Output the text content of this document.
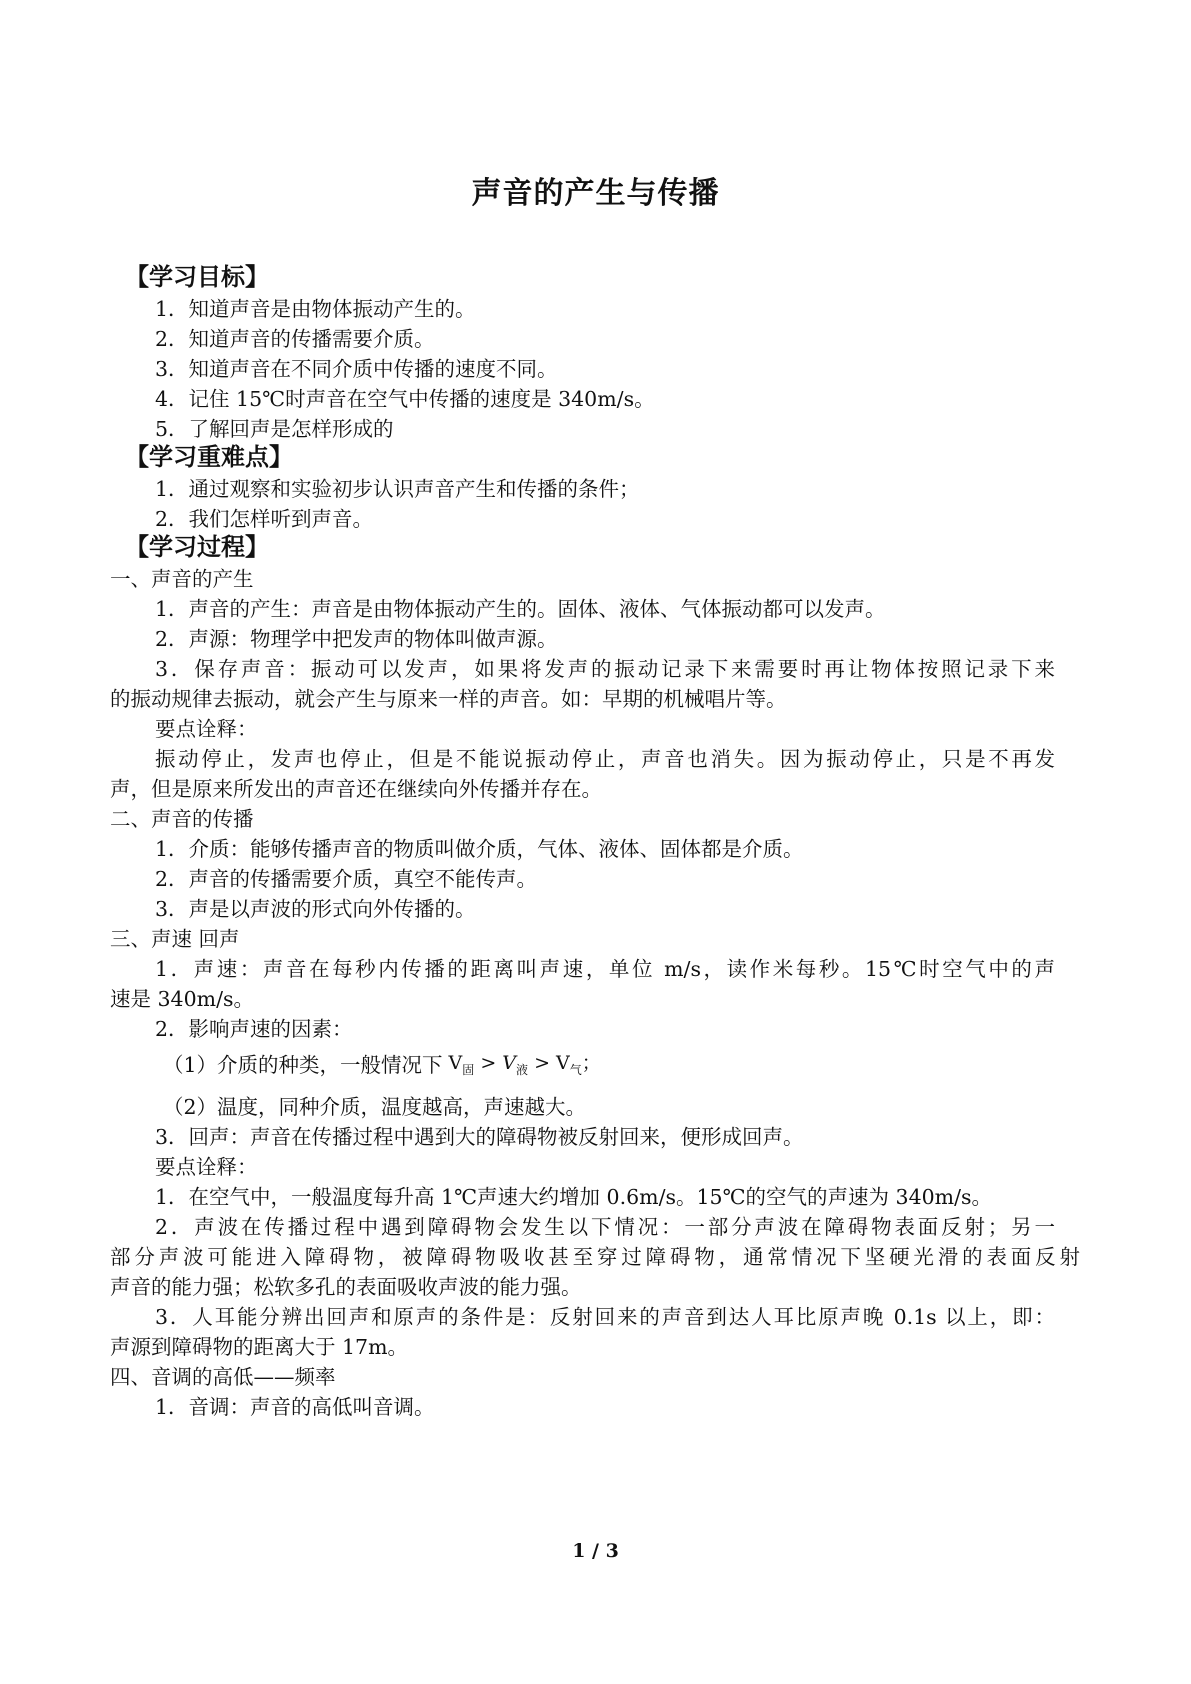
声音的产生与传播
【学习目标】
1．知道声音是由物体振动产生的。
2．知道声音的传播需要介质。
3．知道声音在不同介质中传播的速度不同。
4．记住 15℃时声音在空气中传播的速度是 340m/s。
5．了解回声是怎样形成的
【学习重难点】
1．通过观察和实验初步认识声音产生和传播的条件；
2．我们怎样听到声音。
【学习过程】
一、声音的产生
1．声音的产生：声音是由物体振动产生的。固体、液体、气体振动都可以发声。
2．声源：物理学中把发声的物体叫做声源。
3．保存声音：振动可以发声，如果将发声的振动记录下来需要时再让物体按照记录下来
的振动规律去振动，就会产生与原来一样的声音。如：早期的机械唱片等。
要点诠释：
振动停止，发声也停止，但是不能说振动停止，声音也消失。因为振动停止，只是不再发
声，但是原来所发出的声音还在继续向外传播并存在。
二、声音的传播
1．介质：能够传播声音的物质叫做介质，气体、液体、固体都是介质。
2．声音的传播需要介质，真空不能传声。
3．声是以声波的形式向外传播的。
三、声速 回声
1．声速：声音在每秒内传播的距离叫声速，单位 m/s，读作米每秒。15℃时空气中的声
速是 340m/s。
2．影响声速的因素：
（1）介质的种类，一般情况下 $V_固 > V_液 > V_气$；
（2）温度，同种介质，温度越高，声速越大。
3．回声：声音在传播过程中遇到大的障碍物被反射回来，便形成回声。
要点诠释：
1．在空气中，一般温度每升高 1℃声速大约增加 0.6m/s。15℃的空气的声速为 340m/s。
2．声波在传播过程中遇到障碍物会发生以下情况：一部分声波在障碍物表面反射；另一
部分声波可能进入障碍物，被障碍物吸收甚至穿过障碍物，通常情况下坚硬光滑的表面反射
声音的能力强；松软多孔的表面吸收声波的能力强。
3．人耳能分辨出回声和原声的条件是：反射回来的声音到达人耳比原声晚 0.1s 以上，即：
声源到障碍物的距离大于 17m。
四、音调的高低——频率
1．音调：声音的高低叫音调。
1 / 3
